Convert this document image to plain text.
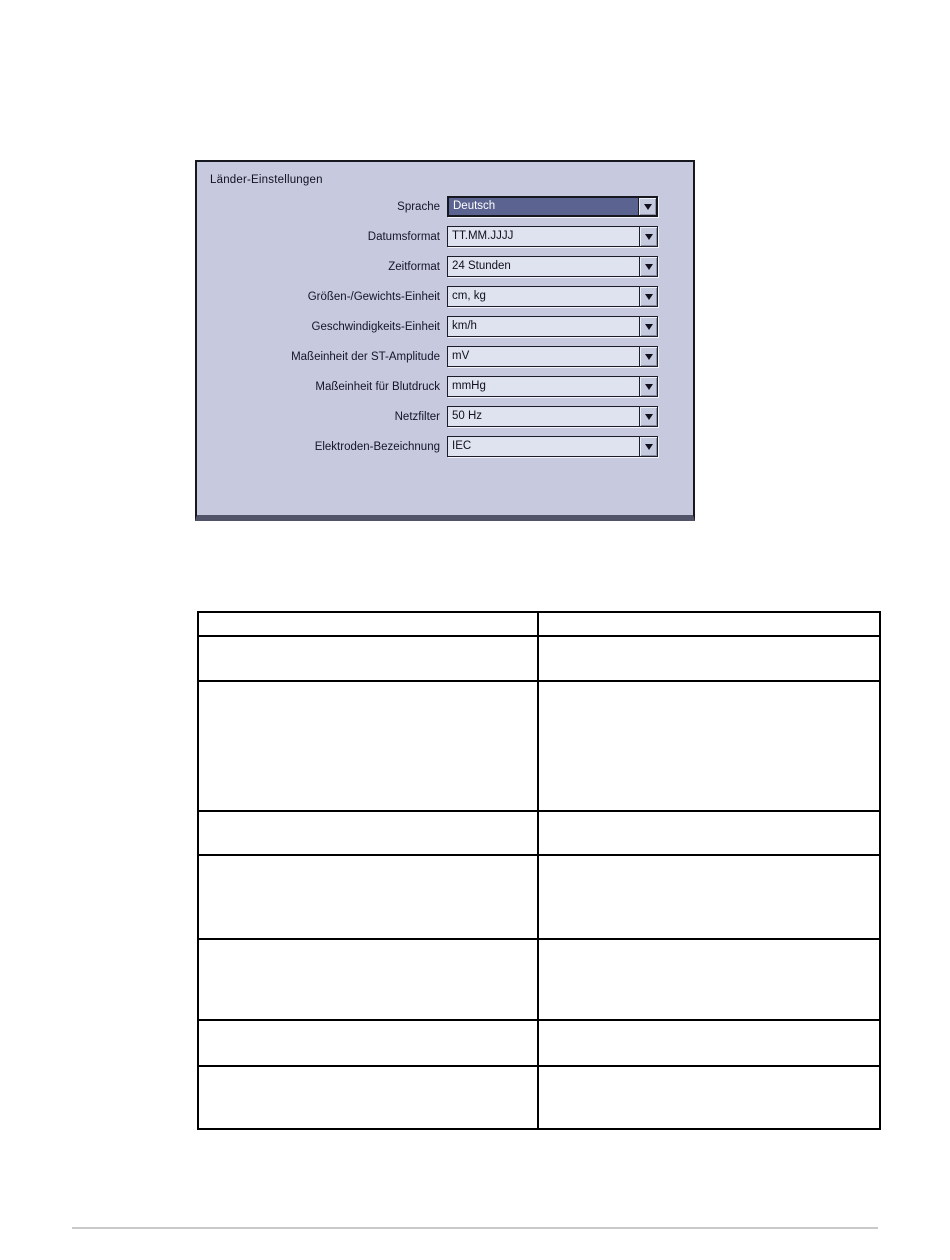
Länder-Einstellungen
Sprache	Deutsch
Datumsformat	TT.MM.JJJJ
Zeitformat	24 Stunden
Größen-/Gewichts-Einheit	cm, kg
Geschwindigkeits-Einheit	km/h
Maßeinheit der ST-Amplitude	mV
Maßeinheit für Blutdruck	mmHg
Netzfilter	50 Hz
Elektroden-Bezeichnung	IEC
